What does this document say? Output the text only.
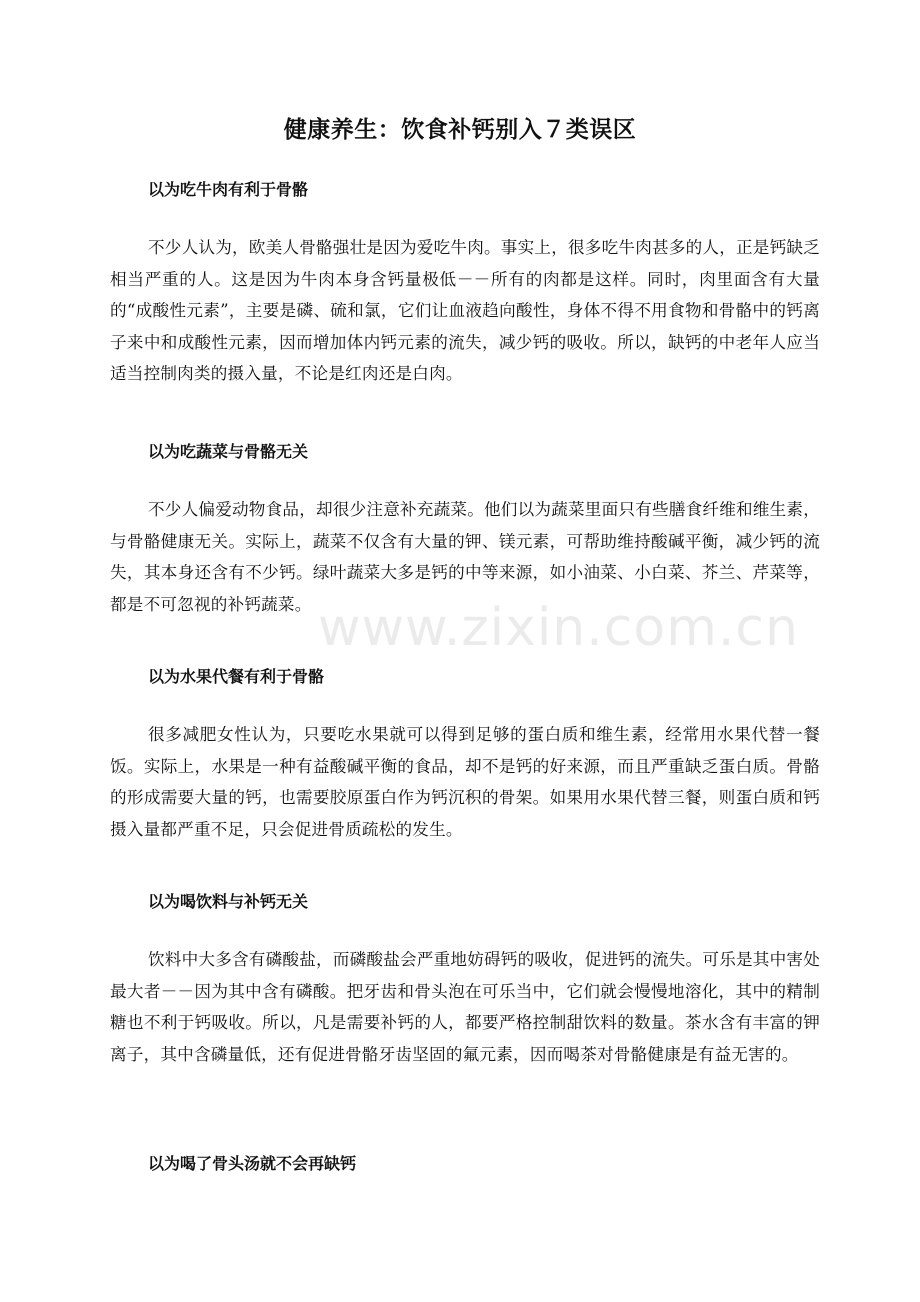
健康养生：饮食补钙别入７类误区

以为吃牛肉有利于骨骼

不少人认为，欧美人骨骼强壮是因为爱吃牛肉。事实上，很多吃牛肉甚多的人，正是钙缺乏相当严重的人。这是因为牛肉本身含钙量极低－－所有的肉都是这样。同时，肉里面含有大量的“成酸性元素”，主要是磷、硫和氯，它们让血液趋向酸性，身体不得不用食物和骨骼中的钙离子来中和成酸性元素，因而增加体内钙元素的流失，减少钙的吸收。所以，缺钙的中老年人应当适当控制肉类的摄入量，不论是红肉还是白肉。

以为吃蔬菜与骨骼无关

不少人偏爱动物食品，却很少注意补充蔬菜。他们以为蔬菜里面只有些膳食纤维和维生素，与骨骼健康无关。实际上，蔬菜不仅含有大量的钾、镁元素，可帮助维持酸碱平衡，减少钙的流失，其本身还含有不少钙。绿叶蔬菜大多是钙的中等来源，如小油菜、小白菜、芥兰、芹菜等，都是不可忽视的补钙蔬菜。

以为水果代餐有利于骨骼

很多减肥女性认为，只要吃水果就可以得到足够的蛋白质和维生素，经常用水果代替一餐饭。实际上，水果是一种有益酸碱平衡的食品，却不是钙的好来源，而且严重缺乏蛋白质。骨骼的形成需要大量的钙，也需要胶原蛋白作为钙沉积的骨架。如果用水果代替三餐，则蛋白质和钙摄入量都严重不足，只会促进骨质疏松的发生。

以为喝饮料与补钙无关

饮料中大多含有磷酸盐，而磷酸盐会严重地妨碍钙的吸收，促进钙的流失。可乐是其中害处最大者－－因为其中含有磷酸。把牙齿和骨头泡在可乐当中，它们就会慢慢地溶化，其中的精制糖也不利于钙吸收。所以，凡是需要补钙的人，都要严格控制甜饮料的数量。茶水含有丰富的钾离子，其中含磷量低，还有促进骨骼牙齿坚固的氟元素，因而喝茶对骨骼健康是有益无害的。

以为喝了骨头汤就不会再缺钙

www.zixin.com.cn
